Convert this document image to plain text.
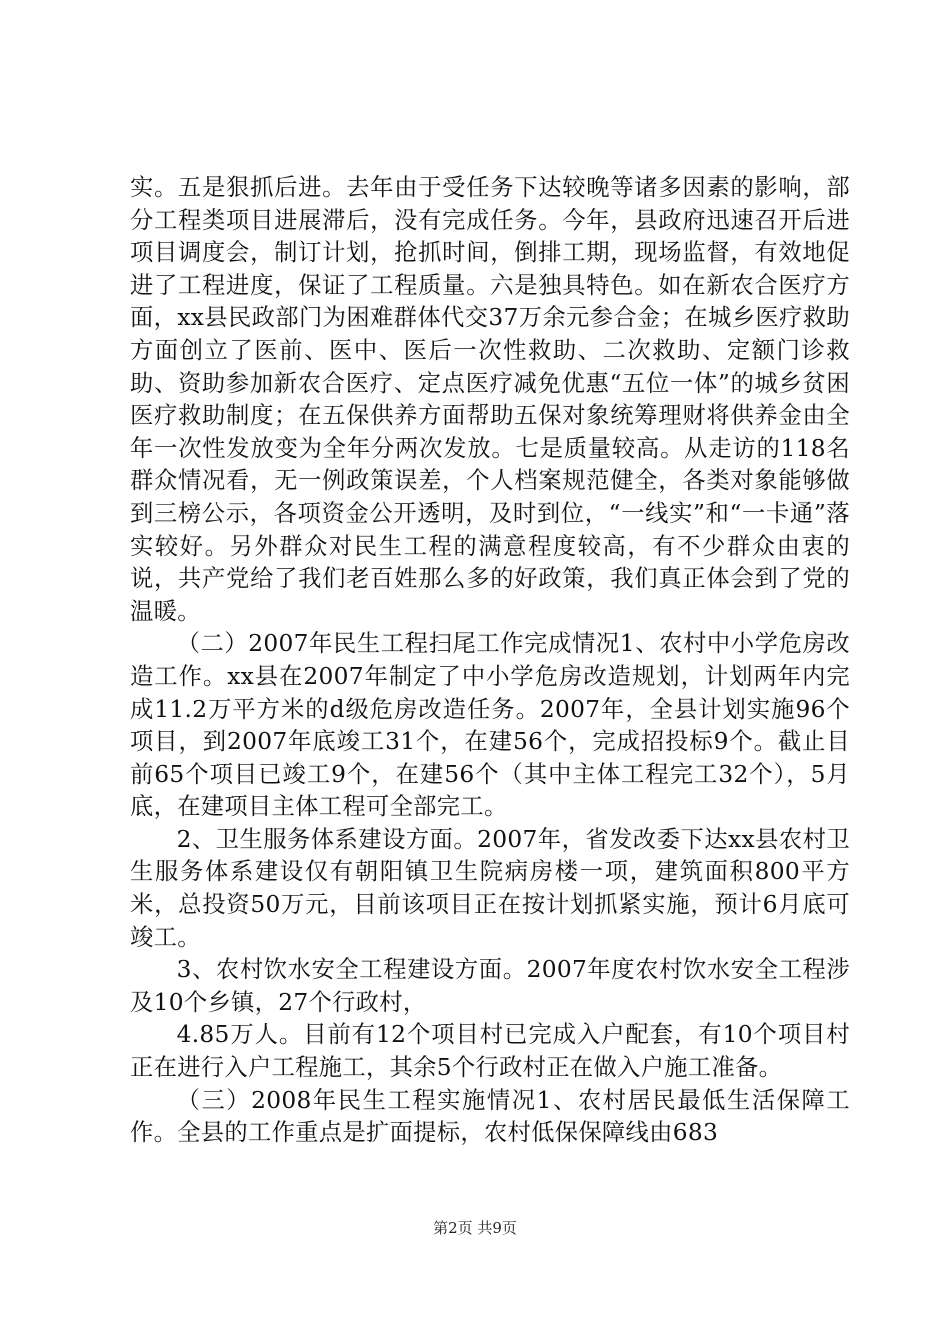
实。五是狠抓后进。去年由于受任务下达较晚等诸多因素的影响，部分工程类项目进展滞后，没有完成任务。今年，县政府迅速召开后进项目调度会，制订计划，抢抓时间，倒排工期，现场监督，有效地促进了工程进度，保证了工程质量。六是独具特色。如在新农合医疗方面，xx县民政部门为困难群体代交37万余元参合金；在城乡医疗救助方面创立了医前、医中、医后一次性救助、二次救助、定额门诊救助、资助参加新农合医疗、定点医疗减免优惠“五位一体”的城乡贫困医疗救助制度；在五保供养方面帮助五保对象统筹理财将供养金由全年一次性发放变为全年分两次发放。七是质量较高。从走访的118名群众情况看，无一例政策误差，个人档案规范健全，各类对象能够做到三榜公示，各项资金公开透明，及时到位，“一线实”和“一卡通”落实较好。另外群众对民生工程的满意程度较高，有不少群众由衷的说，共产党给了我们老百姓那么多的好政策，我们真正体会到了党的温暖。

（二）2007年民生工程扫尾工作完成情况1、农村中小学危房改造工作。xx县在2007年制定了中小学危房改造规划，计划两年内完成11.2万平方米的d级危房改造任务。2007年，全县计划实施96个项目，到2007年底竣工31个，在建56个，完成招投标9个。截止目前65个项目已竣工9个，在建56个（其中主体工程完工32个），5月底，在建项目主体工程可全部完工。

2、卫生服务体系建设方面。2007年，省发改委下达xx县农村卫生服务体系建设仅有朝阳镇卫生院病房楼一项，建筑面积800平方米，总投资50万元，目前该项目正在按计划抓紧实施，预计6月底可竣工。

3、农村饮水安全工程建设方面。2007年度农村饮水安全工程涉及10个乡镇，27个行政村，

4.85万人。目前有12个项目村已完成入户配套，有10个项目村正在进行入户工程施工，其余5个行政村正在做入户施工准备。

（三）2008年民生工程实施情况1、农村居民最低生活保障工作。全县的工作重点是扩面提标，农村低保保障线由683

第2页 共9页
